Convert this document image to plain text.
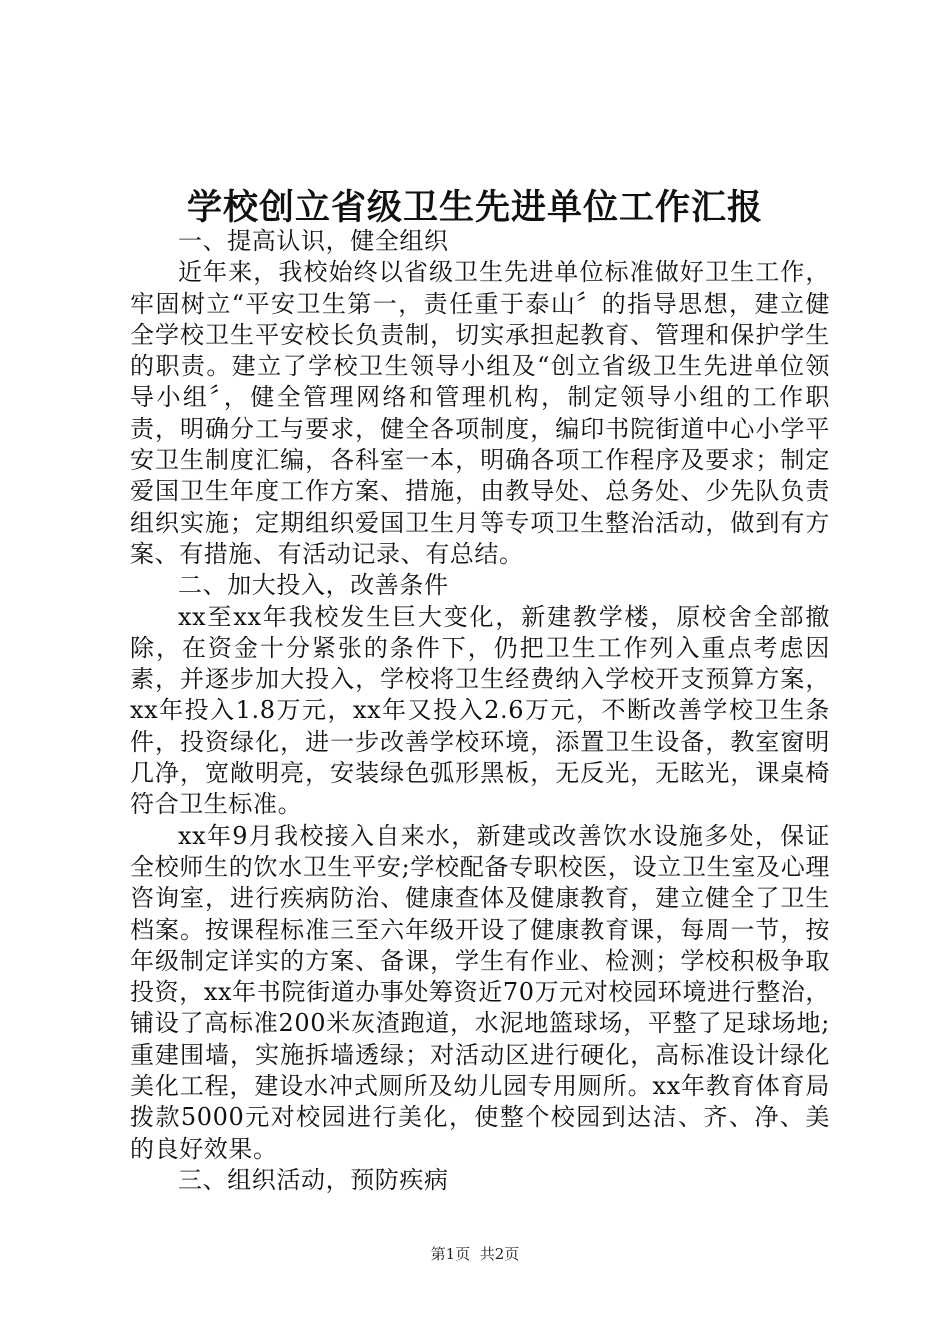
学校创立省级卫生先进单位工作汇报

一、提高认识，健全组织

近年来，我校始终以省级卫生先进单位标准做好卫生工作，牢固树立“平安卫生第一，责任重于泰山〞的指导思想，建立健全学校卫生平安校长负责制，切实承担起教育、管理和保护学生的职责。建立了学校卫生领导小组及“创立省级卫生先进单位领导小组〞，健全管理网络和管理机构，制定领导小组的工作职责，明确分工与要求，健全各项制度，编印书院街道中心小学平安卫生制度汇编，各科室一本，明确各项工作程序及要求；制定爱国卫生年度工作方案、措施，由教导处、总务处、少先队负责组织实施；定期组织爱国卫生月等专项卫生整治活动，做到有方案、有措施、有活动记录、有总结。

二、加大投入，改善条件

xx至xx年我校发生巨大变化，新建教学楼，原校舍全部撤除，在资金十分紧张的条件下，仍把卫生工作列入重点考虑因素，并逐步加大投入，学校将卫生经费纳入学校开支预算方案，xx年投入1.8万元，xx年又投入2.6万元，不断改善学校卫生条件，投资绿化，进一步改善学校环境，添置卫生设备，教室窗明几净，宽敞明亮，安装绿色弧形黑板，无反光，无眩光，课桌椅符合卫生标准。

xx年9月我校接入自来水，新建或改善饮水设施多处，保证全校师生的饮水卫生平安;学校配备专职校医，设立卫生室及心理咨询室，进行疾病防治、健康查体及健康教育，建立健全了卫生档案。按课程标准三至六年级开设了健康教育课，每周一节，按年级制定详实的方案、备课，学生有作业、检测；学校积极争取投资，xx年书院街道办事处筹资近70万元对校园环境进行整治，铺设了高标准200米灰渣跑道，水泥地篮球场，平整了足球场地;重建围墙，实施拆墙透绿；对活动区进行硬化，高标准设计绿化美化工程，建设水冲式厕所及幼儿园专用厕所。xx年教育体育局拨款5000元对校园进行美化，使整个校园到达洁、齐、净、美的良好效果。

三、组织活动，预防疾病

第1页 共2页
